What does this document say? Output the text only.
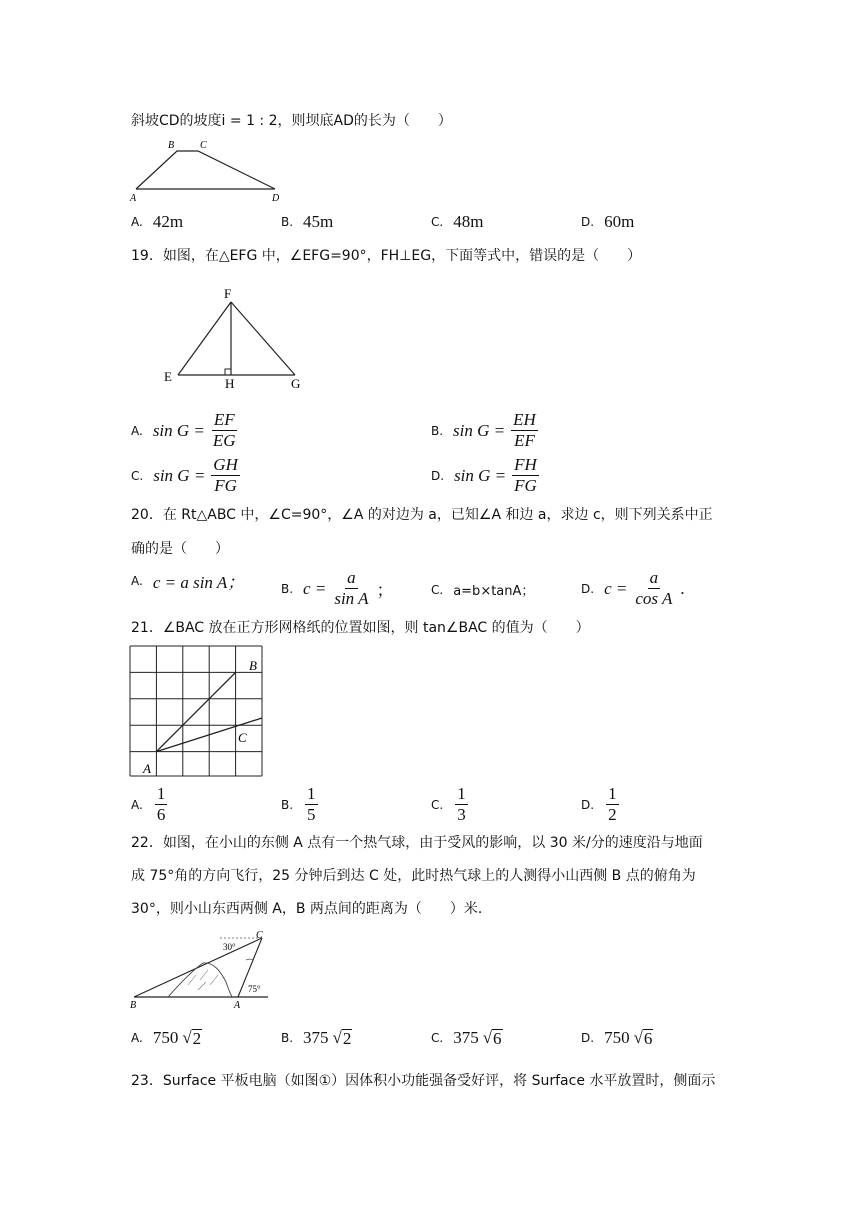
斜坡CD的坡度i = 1 : 2，则坝底AD的长为（　　）
B	C
A	D
A. 42m	B. 45m	C. 48m	D. 60m
19．如图，在△EFG 中，∠EFG=90°，FH⊥EG，下面等式中，错误的是（　　）
F
E	H	G
A. $\sin G = \frac{EF}{EG}$	B. $\sin G = \frac{EH}{EF}$
C. $\sin G = \frac{GH}{FG}$	D. $\sin G = \frac{FH}{FG}$
20．在 Rt△ABC 中，∠C=90°，∠A 的对边为 a，已知∠A 和边 a，求边 c，则下列关系中正
确的是（　　）
A. c = a sin A；	B. $c = \frac{a}{\text{sin A}}$ ；	C. a=b×tanA；	D. $c = \frac{a}{\text{cos A}}$ .
21．∠BAC 放在正方形网格纸的位置如图，则 tan∠BAC 的值为（　　）
B
C
A
A. $\frac{1}{6}$	B. $\frac{1}{5}$	C. $\frac{1}{3}$	D. $\frac{1}{2}$
22．如图，在小山的东侧 A 点有一个热气球，由于受风的影响，以 30 米/分的速度沿与地面
成 75°角的方向飞行，25 分钟后到达 C 处，此时热气球上的人测得小山西侧 B 点的俯角为
30°，则小山东西两侧 A，B 两点间的距离为（　　）米．
30°
75°
C
B	A
A. 750 √ 2	B. 375 √ 2	C. 375 √ 6	D. 750 √ 6
23．Surface 平板电脑（如图①）因体积小功能强备受好评，将 Surface 水平放置时，侧面示
